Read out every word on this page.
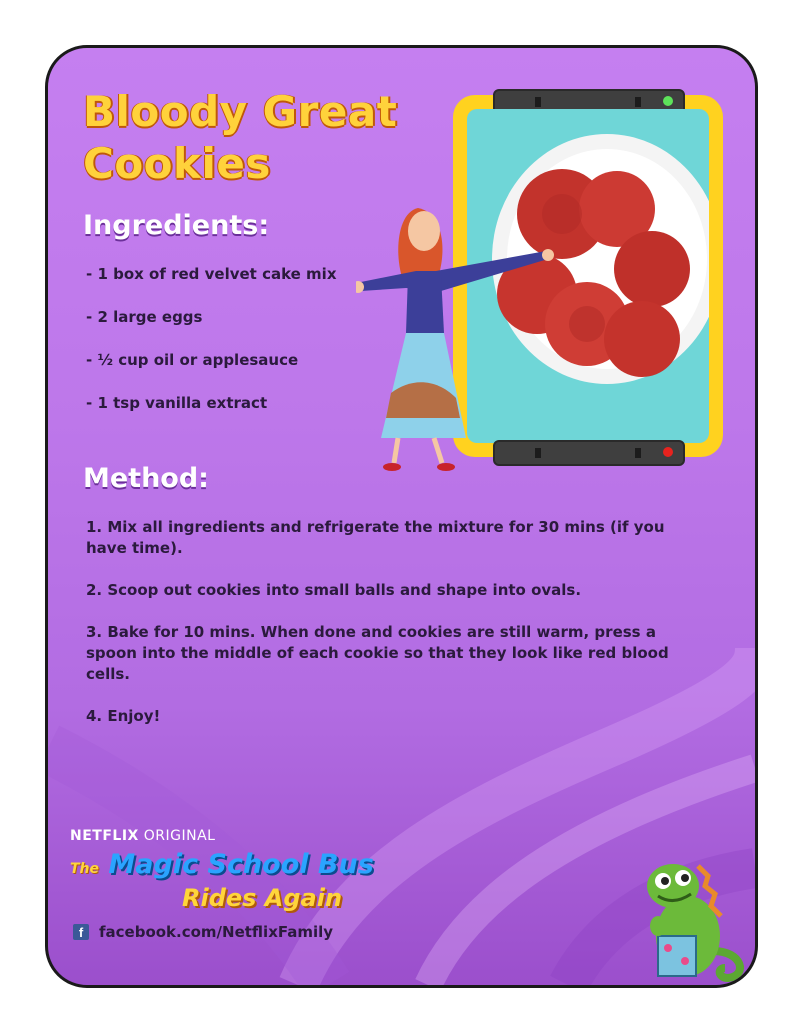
Bloody Great
Cookies
Ingredients:
- 1 box of red velvet cake mix
- 2 large eggs
- ½ cup oil or applesauce
- 1 tsp vanilla extract
Method:
1. Mix all ingredients and refrigerate the mixture for 30 mins (if you have time).
2. Scoop out cookies into small balls and shape into ovals.
3. Bake for 10 mins. When done and cookies are still warm, press a spoon into the middle of each cookie so that they look like red blood cells.
4. Enjoy!
NETFLIX ORIGINAL
The Magic School Bus
Rides Again
f	facebook.com/NetflixFamily
